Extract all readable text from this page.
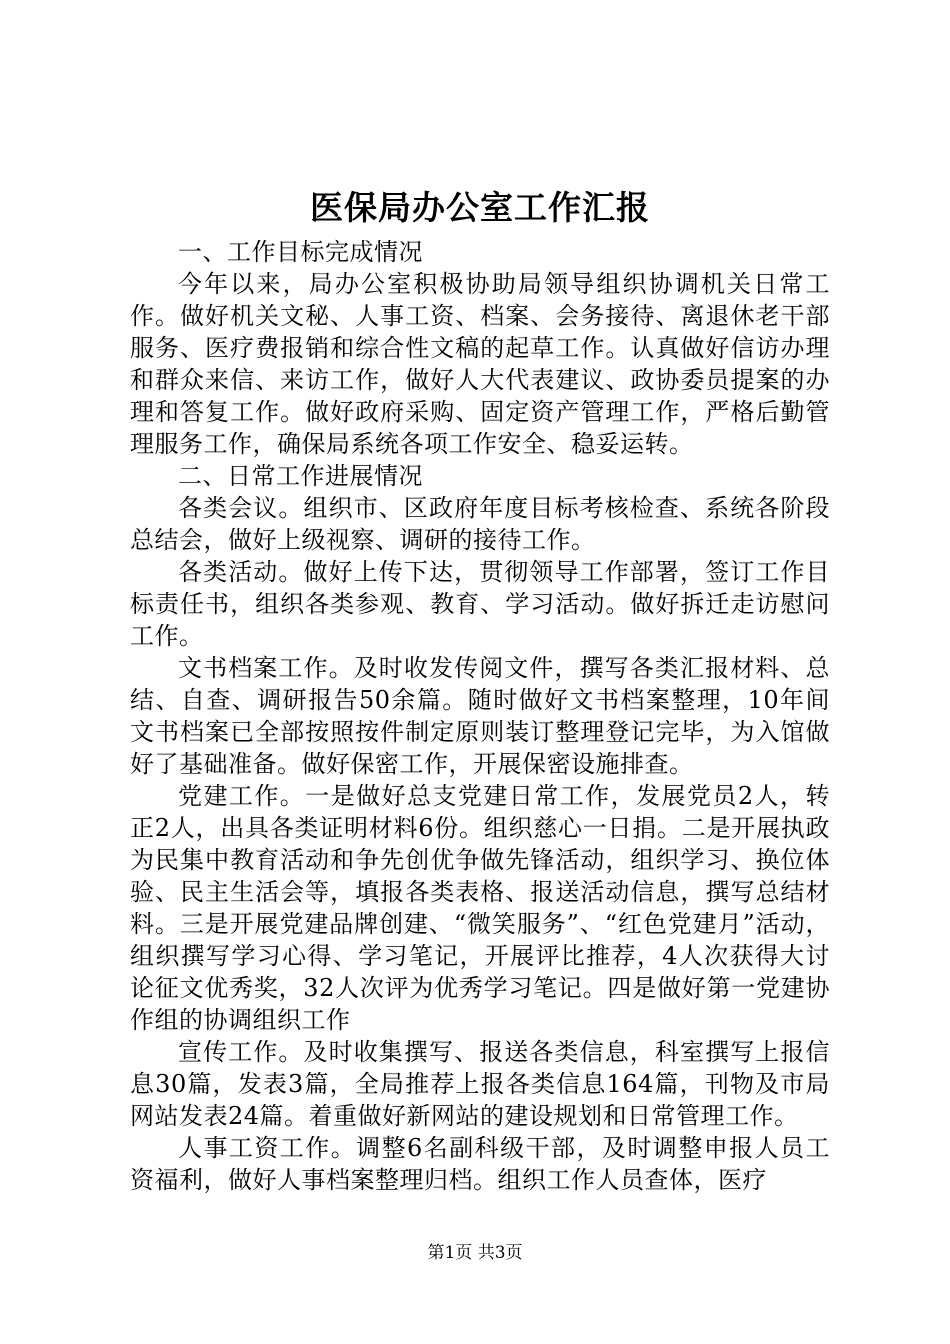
医保局办公室工作汇报

一、工作目标完成情况

今年以来，局办公室积极协助局领导组织协调机关日常工作。做好机关文秘、人事工资、档案、会务接待、离退休老干部服务、医疗费报销和综合性文稿的起草工作。认真做好信访办理和群众来信、来访工作，做好人大代表建议、政协委员提案的办理和答复工作。做好政府采购、固定资产管理工作，严格后勤管理服务工作，确保局系统各项工作安全、稳妥运转。

二、日常工作进展情况

各类会议。组织市、区政府年度目标考核检查、系统各阶段总结会，做好上级视察、调研的接待工作。

各类活动。做好上传下达，贯彻领导工作部署，签订工作目标责任书，组织各类参观、教育、学习活动。做好拆迁走访慰问工作。

文书档案工作。及时收发传阅文件，撰写各类汇报材料、总结、自查、调研报告50余篇。随时做好文书档案整理，10年间文书档案已全部按照按件制定原则装订整理登记完毕，为入馆做好了基础准备。做好保密工作，开展保密设施排查。

党建工作。一是做好总支党建日常工作，发展党员2人，转正2人，出具各类证明材料6份。组织慈心一日捐。二是开展执政为民集中教育活动和争先创优争做先锋活动，组织学习、换位体验、民主生活会等，填报各类表格、报送活动信息，撰写总结材料。三是开展党建品牌创建、“微笑服务”、“红色党建月”活动，组织撰写学习心得、学习笔记，开展评比推荐，4人次获得大讨论征文优秀奖，32人次评为优秀学习笔记。四是做好第一党建协作组的协调组织工作

宣传工作。及时收集撰写、报送各类信息，科室撰写上报信息30篇，发表3篇，全局推荐上报各类信息164篇，刊物及市局网站发表24篇。着重做好新网站的建设规划和日常管理工作。

人事工资工作。调整6名副科级干部，及时调整申报人员工资福利，做好人事档案整理归档。组织工作人员查体，医疗

第1页 共3页
